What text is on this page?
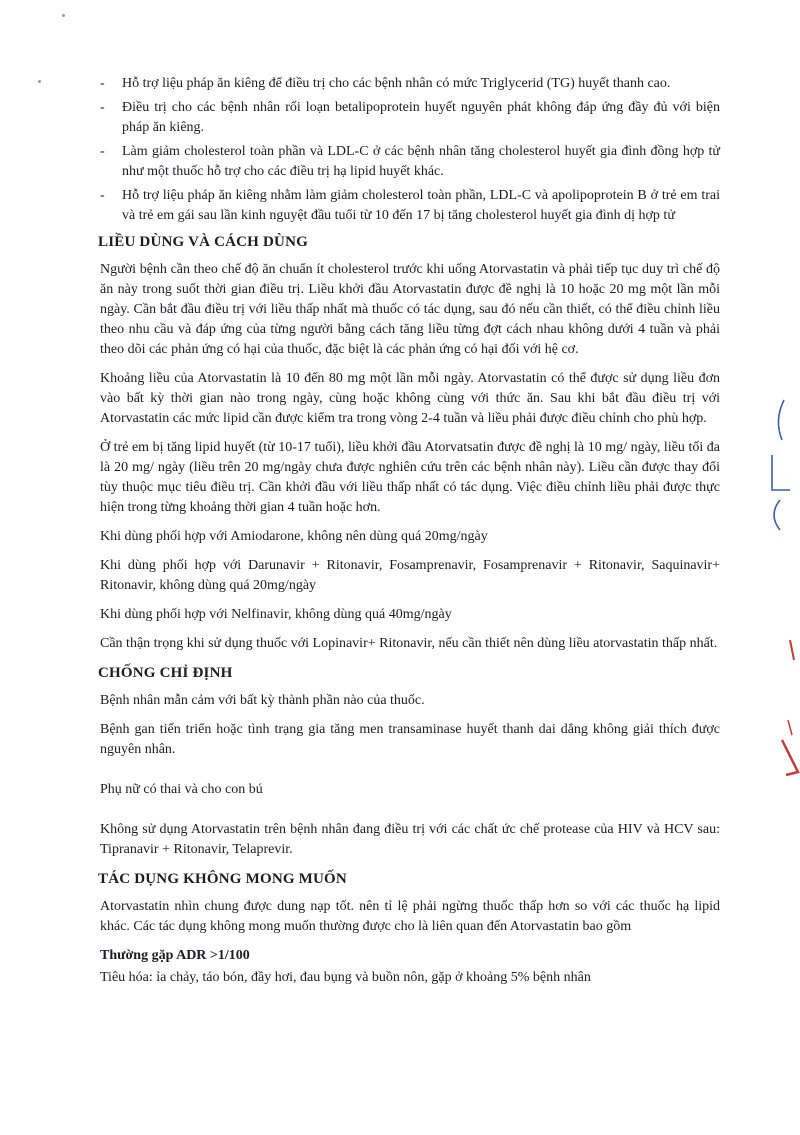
- Hỗ trợ liệu pháp ăn kiêng để điều trị cho các bệnh nhân có mức Triglycerid (TG) huyết thanh cao.
- Điều trị cho các bệnh nhân rối loạn betalipoprotein huyết nguyên phát không đáp ứng đầy đủ với biện pháp ăn kiêng.
- Làm giảm cholesterol toàn phần và LDL-C ở các bệnh nhân tăng cholesterol huyết gia đình đồng hợp tử như một thuốc hỗ trợ cho các điều trị hạ lipid huyết khác.
- Hỗ trợ liệu pháp ăn kiêng nhằm làm giảm cholesterol toàn phần, LDL-C và apolipoprotein B ở trẻ em trai và trẻ em gái sau lần kinh nguyệt đầu tuổi từ 10 đến 17 bị tăng cholesterol huyết gia đình dị hợp tử
LIỀU DÙNG VÀ CÁCH DÙNG

Người bệnh cần theo chế độ ăn chuẩn ít cholesterol trước khi uống Atorvastatin và phải tiếp tục duy trì chế độ ăn này trong suốt thời gian điều trị. Liều khởi đầu Atorvastatin được đề nghị là 10 hoặc 20 mg một lần mỗi ngày. Cần bắt đầu điều trị với liều thấp nhất mà thuốc có tác dụng, sau đó nếu cần thiết, có thể điều chỉnh liều theo nhu cầu và đáp ứng của từng người bằng cách tăng liều từng đợt cách nhau không dưới 4 tuần và phải theo dõi các phản ứng có hại của thuốc, đặc biệt là các phản ứng có hại đối với hệ cơ.

Khoảng liều của Atorvastatin là 10 đến 80 mg một lần mỗi ngày. Atorvastatin có thể được sử dụng liều đơn vào bất kỳ thời gian nào trong ngày, cùng hoặc không cùng với thức ăn. Sau khi bắt đầu điều trị với Atorvastatin các mức lipid cần được kiểm tra trong vòng 2-4 tuần và liều phải được điều chỉnh cho phù hợp.

Ở trẻ em bị tăng lipid huyết (từ 10-17 tuổi), liều khởi đầu Atorvatsatin được đề nghị là 10 mg/ ngày, liều tối đa là 20 mg/ ngày (liều trên 20 mg/ngày chưa được nghiên cứu trên các bệnh nhân này). Liều cần được thay đổi tùy thuộc mục tiêu điều trị. Cần khởi đầu với liều thấp nhất có tác dụng. Việc điều chỉnh liều phải được thực hiện trong từng khoảng thời gian 4 tuần hoặc hơn.

Khi dùng phối hợp với Amiodarone, không nên dùng quá 20mg/ngày

Khi dùng phối hợp với Darunavir + Ritonavir, Fosamprenavir, Fosamprenavir + Ritonavir, Saquinavir+ Ritonavir, không dùng quá 20mg/ngày

Khi dùng phối hợp với Nelfinavir, không dùng quá 40mg/ngày

Cần thận trọng khi sử dụng thuốc với Lopinavir+ Ritonavir, nếu cần thiết nên dùng liều atorvastatin thấp nhất.

CHỐNG CHỈ ĐỊNH

Bệnh nhân mẫn cảm với bất kỳ thành phần nào của thuốc.

Bệnh gan tiến triển hoặc tình trạng gia tăng men transaminase huyết thanh dai dẳng không giải thích được nguyên nhân.

Phụ nữ có thai và cho con bú

Không sử dụng Atorvastatin trên bệnh nhân đang điều trị với các chất ức chế protease của HIV và HCV sau: Tipranavir + Ritonavir, Telaprevir.

TÁC DỤNG KHÔNG MONG MUỐN

Atorvastatin nhìn chung được dung nạp tốt. nên tỉ lệ phải ngừng thuốc thấp hơn so với các thuốc hạ lipid khác. Các tác dụng không mong muốn thường được cho là liên quan đến Atorvastatin bao gồm

Thường gặp ADR >1/100

Tiêu hóa: ỉa chảy, táo bón, đầy hơi, đau bụng và buồn nôn, gặp ở khoảng 5% bệnh nhân
